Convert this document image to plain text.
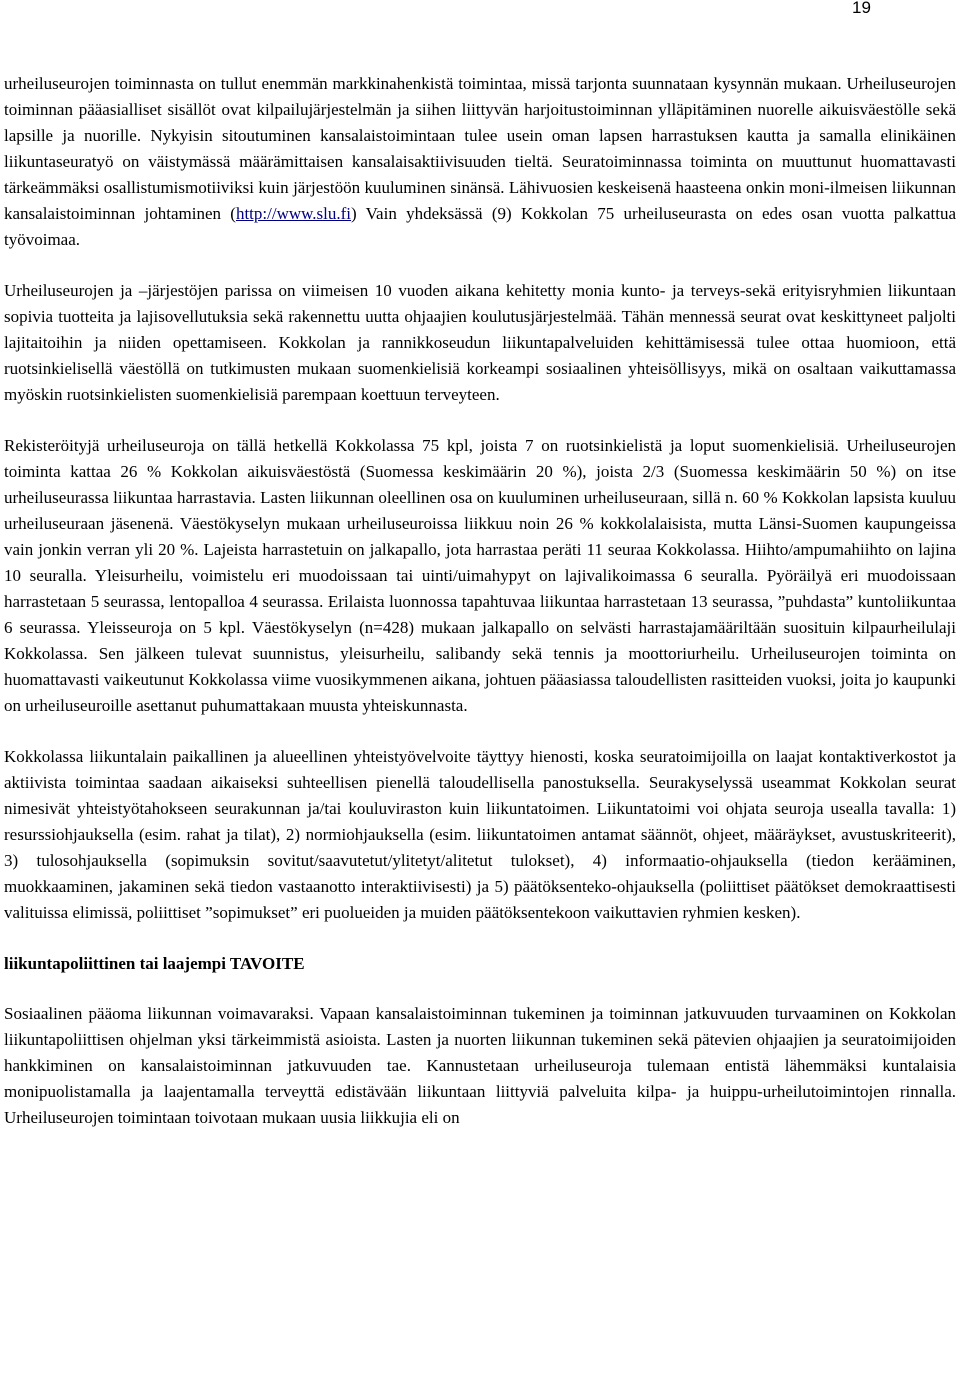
19

urheiluseurojen toiminnasta on tullut enemmän markkinahenkistä toimintaa, missä tarjonta suunnataan kysynnän mukaan. Urheiluseurojen toiminnan pääasialliset sisällöt ovat kilpailujärjestelmän ja siihen liittyvän harjoitustoiminnan ylläpitäminen nuorelle aikuisväestölle sekä lapsille ja nuorille. Nykyisin sitoutuminen kansalaistoimintaan tulee usein oman lapsen harrastuksen kautta ja samalla elinikäinen liikuntaseuratyö on väistymässä määrämittaisen kansalaisaktiivisuuden tieltä. Seuratoiminnassa toiminta on muuttunut huomattavasti tärkeämmäksi osallistumismotiiviksi kuin järjestöön kuuluminen sinänsä. Lähivuosien keskeisenä haasteena onkin moni-ilmeisen liikunnan kansalaistoiminnan johtaminen (http://www.slu.fi) Vain yhdeksässä (9) Kokkolan 75 urheiluseurasta on edes osan vuotta palkattua työvoimaa.

Urheiluseurojen ja –järjestöjen parissa on viimeisen 10 vuoden aikana kehitetty monia kunto- ja terveys-sekä erityisryhmien liikuntaan sopivia tuotteita ja lajisovellutuksia sekä rakennettu uutta ohjaajien koulutusjärjestelmää. Tähän mennessä seurat ovat keskittyneet paljolti lajitaitoihin ja niiden opettamiseen. Kokkolan ja rannikkoseudun liikuntapalveluiden kehittämisessä tulee ottaa huomioon, että ruotsinkielisellä väestöllä on tutkimusten mukaan suomenkielisiä korkeampi sosiaalinen yhteisöllisyys, mikä on osaltaan vaikuttamassa myöskin ruotsinkielisten suomenkielisiä parempaan koettuun terveyteen.

Rekisteröityjä urheiluseuroja on tällä hetkellä Kokkolassa 75 kpl, joista 7 on ruotsinkielistä ja loput suomenkielisiä. Urheiluseurojen toiminta kattaa 26 % Kokkolan aikuisväestöstä (Suomessa keskimäärin 20 %), joista 2/3 (Suomessa keskimäärin 50 %) on itse urheiluseurassa liikuntaa harrastavia. Lasten liikunnan oleellinen osa on kuuluminen urheiluseuraan, sillä n. 60 % Kokkolan lapsista kuuluu urheiluseuraan jäsenenä. Väestökyselyn mukaan urheiluseuroissa liikkuu noin 26 % kokkolalaisista, mutta Länsi-Suomen kaupungeissa vain jonkin verran yli 20 %. Lajeista harrastetuin on jalkapallo, jota harrastaa peräti 11 seuraa Kokkolassa. Hiihto/ampumahiihto on lajina 10 seuralla. Yleisurheilu, voimistelu eri muodoissaan tai uinti/uimahypyt on lajivalikoimassa 6 seuralla. Pyöräilyä eri muodoissaan harrastetaan 5 seurassa, lentopalloa 4 seurassa. Erilaista luonnossa tapahtuvaa liikuntaa harrastetaan 13 seurassa, ”puhdasta” kuntoliikuntaa 6 seurassa. Yleisseuroja on 5 kpl. Väestökyselyn (n=428) mukaan jalkapallo on selvästi harrastajamääriltään suosituin kilpaurheilulaji Kokkolassa. Sen jälkeen tulevat suunnistus, yleisurheilu, salibandy sekä tennis ja moottoriurheilu. Urheiluseurojen toiminta on huomattavasti vaikeutunut Kokkolassa viime vuosikymmenen aikana, johtuen pääasiassa taloudellisten rasitteiden vuoksi, joita jo kaupunki on urheiluseuroille asettanut puhumattakaan muusta yhteiskunnasta.

Kokkolassa liikuntalain paikallinen ja alueellinen yhteistyövelvoite täyttyy hienosti, koska seuratoimijoilla on laajat kontaktiverkostot ja aktiivista toimintaa saadaan aikaiseksi suhteellisen pienellä taloudellisella panostuksella. Seurakyselyssä useammat Kokkolan seurat nimesivät yhteistyötahokseen seurakunnan ja/tai kouluviraston kuin liikuntatoimen. Liikuntatoimi voi ohjata seuroja usealla tavalla: 1) resurssiohjauksella (esim. rahat ja tilat), 2) normiohjauksella (esim. liikuntatoimen antamat säännöt, ohjeet, määräykset, avustuskriteerit), 3) tulosohjauksella (sopimuksin sovitut/saavutetut/ylitetyt/alitetut tulokset), 4) informaatio-ohjauksella (tiedon kerääminen, muokkaaminen, jakaminen sekä tiedon vastaanotto interaktiivisesti) ja 5) päätöksenteko-ohjauksella (poliittiset päätökset demokraattisesti valituissa elimissä, poliittiset ”sopimukset” eri puolueiden ja muiden päätöksentekoon vaikuttavien ryhmien kesken).

liikuntapoliittinen tai laajempi TAVOITE

Sosiaalinen pääoma liikunnan voimavaraksi. Vapaan kansalaistoiminnan tukeminen ja toiminnan jatkuvuuden turvaaminen on Kokkolan liikuntapoliittisen ohjelman yksi tärkeimmistä asioista. Lasten ja nuorten liikunnan tukeminen sekä pätevien ohjaajien ja seuratoimijoiden hankkiminen on kansalaistoiminnan jatkuvuuden tae. Kannustetaan urheiluseuroja tulemaan entistä lähemmäksi kuntalaisia monipuolistamalla ja laajentamalla terveyttä edistävään liikuntaan liittyviä palveluita kilpa- ja huippu-urheilutoimintojen rinnalla. Urheiluseurojen toimintaan toivotaan mukaan uusia liikkujia eli on
